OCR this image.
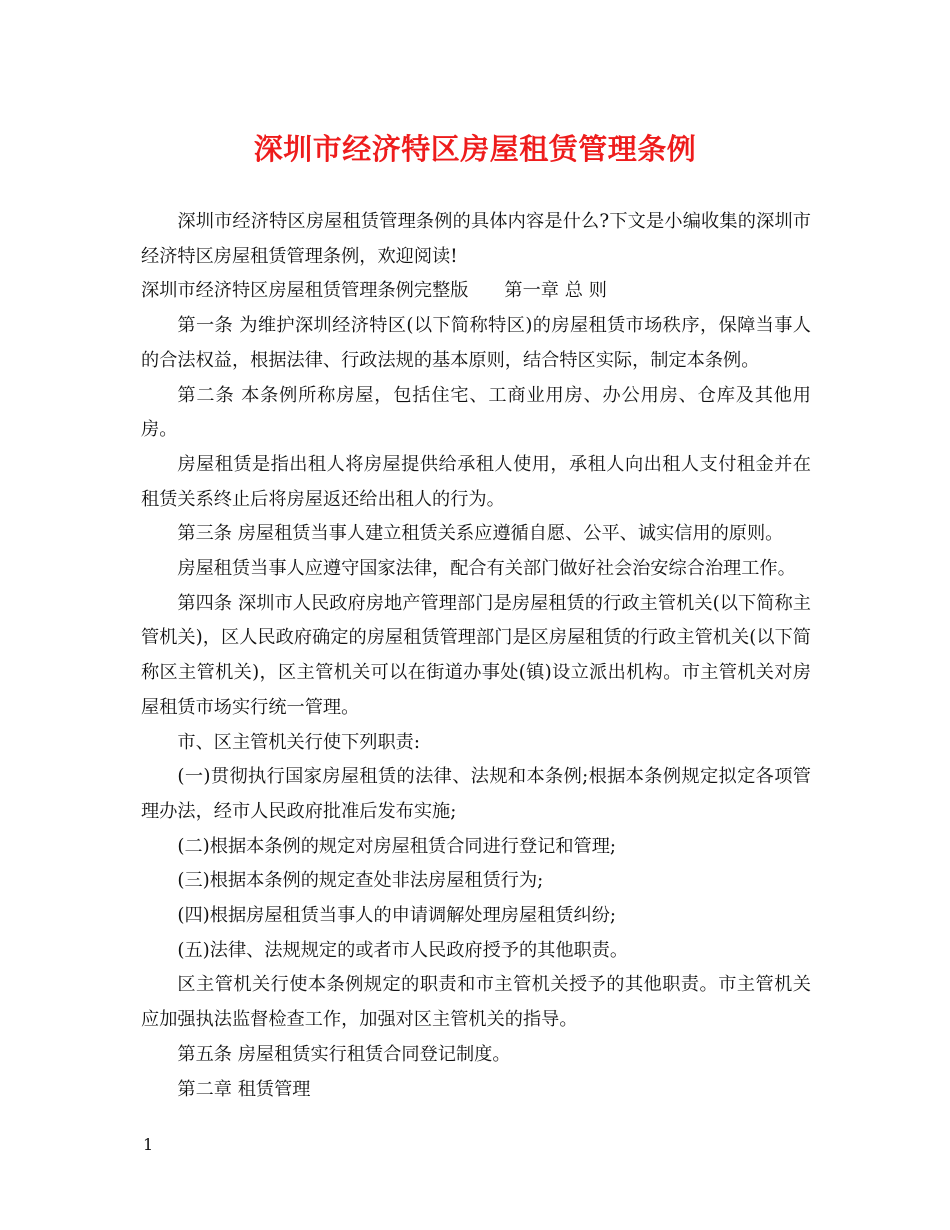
深圳市经济特区房屋租赁管理条例

深圳市经济特区房屋租赁管理条例的具体内容是什么?下文是小编收集的深圳市经济特区房屋租赁管理条例，欢迎阅读!

深圳市经济特区房屋租赁管理条例完整版 第一章 总 则

第一条 为维护深圳经济特区(以下简称特区)的房屋租赁市场秩序，保障当事人的合法权益，根据法律、行政法规的基本原则，结合特区实际，制定本条例。

第二条 本条例所称房屋，包括住宅、工商业用房、办公用房、仓库及其他用房。

房屋租赁是指出租人将房屋提供给承租人使用，承租人向出租人支付租金并在租赁关系终止后将房屋返还给出租人的行为。

第三条 房屋租赁当事人建立租赁关系应遵循自愿、公平、诚实信用的原则。

房屋租赁当事人应遵守国家法律，配合有关部门做好社会治安综合治理工作。

第四条 深圳市人民政府房地产管理部门是房屋租赁的行政主管机关(以下简称主管机关)，区人民政府确定的房屋租赁管理部门是区房屋租赁的行政主管机关(以下简称区主管机关)，区主管机关可以在街道办事处(镇)设立派出机构。市主管机关对房屋租赁市场实行统一管理。

市、区主管机关行使下列职责:

(一)贯彻执行国家房屋租赁的法律、法规和本条例;根据本条例规定拟定各项管理办法，经市人民政府批准后发布实施;

(二)根据本条例的规定对房屋租赁合同进行登记和管理;

(三)根据本条例的规定查处非法房屋租赁行为;

(四)根据房屋租赁当事人的申请调解处理房屋租赁纠纷;

(五)法律、法规规定的或者市人民政府授予的其他职责。

区主管机关行使本条例规定的职责和市主管机关授予的其他职责。市主管机关应加强执法监督检查工作，加强对区主管机关的指导。

第五条 房屋租赁实行租赁合同登记制度。

第二章 租赁管理

1
